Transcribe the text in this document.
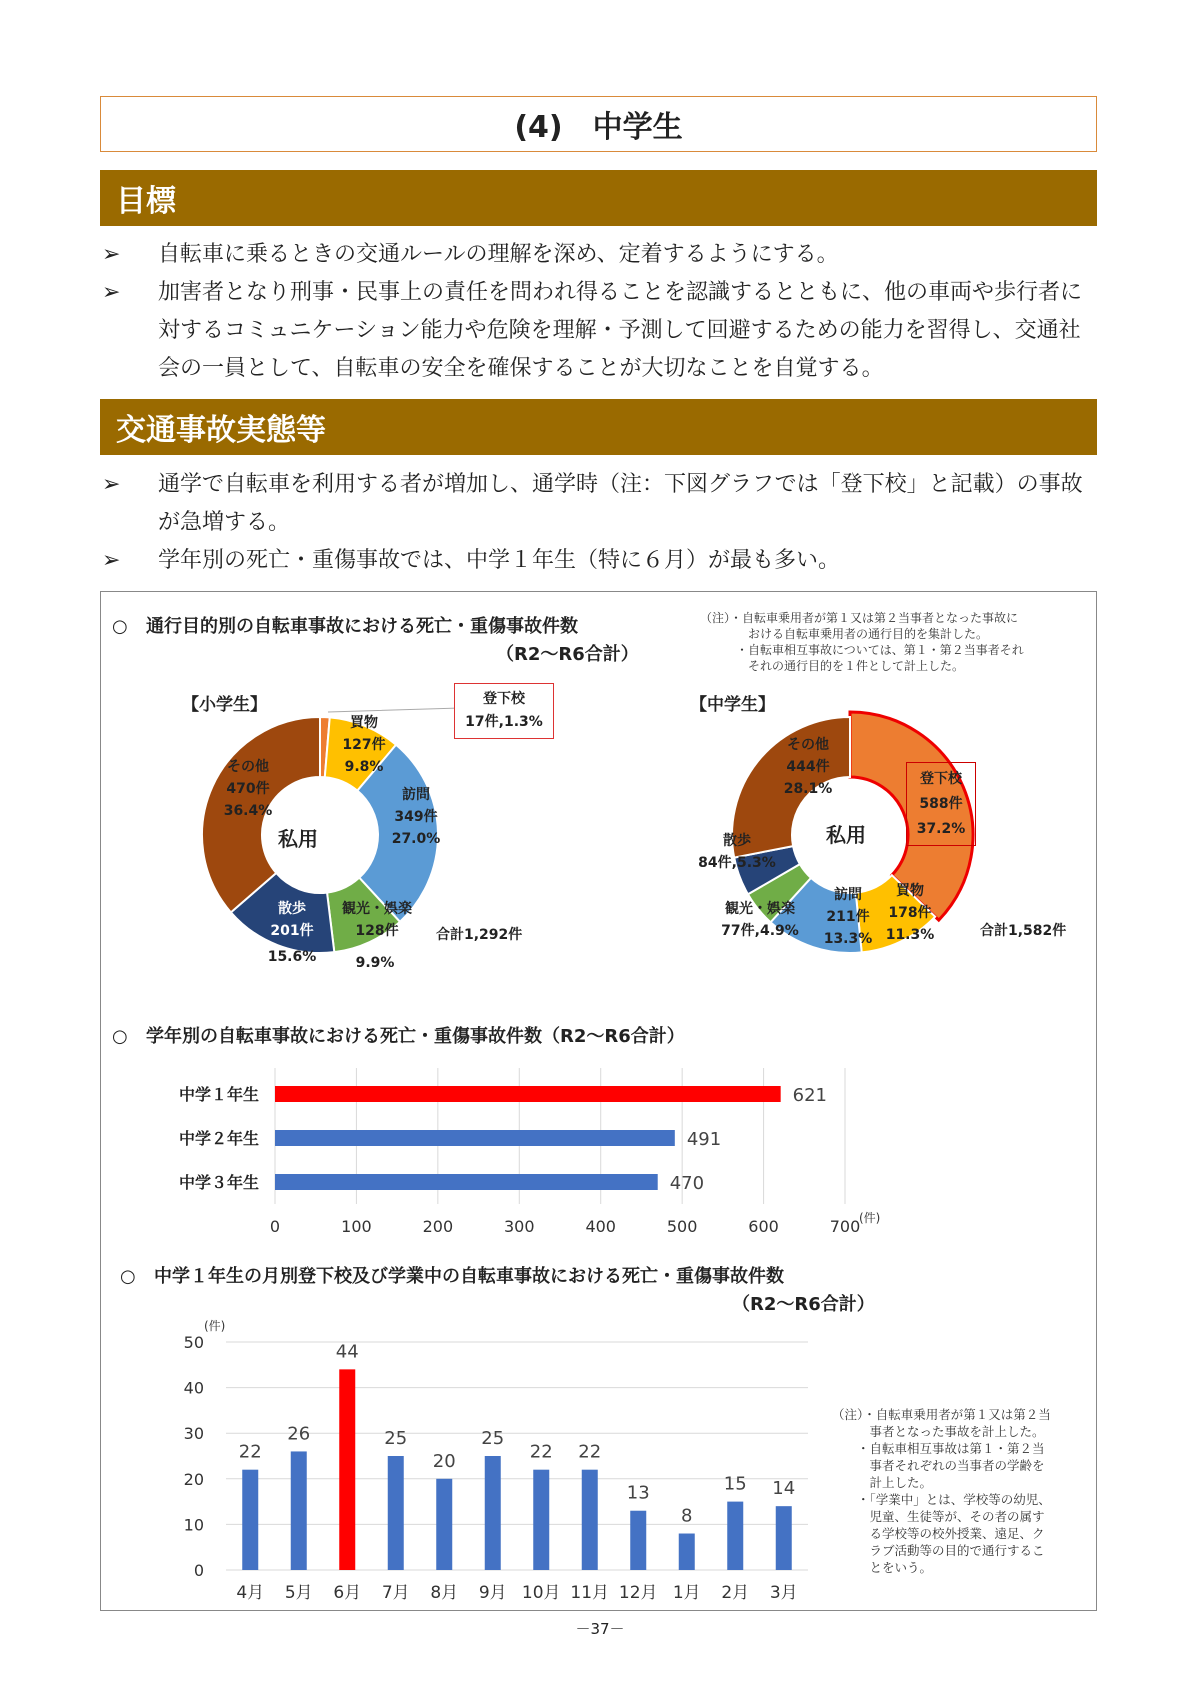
(4)　中学生
目標
➢	自転車に乗るときの交通ルールの理解を深め、定着するようにする。
➢	加害者となり刑事・民事上の責任を問われ得ることを認識するとともに、他の車両や歩行者に対するコミュニケーション能力や危険を理解・予測して回避するための能力を習得し、交通社会の一員として、自転車の安全を確保することが大切なことを自覚する。
交通事故実態等
➢	通学で自転車を利用する者が増加し、通学時（注：下図グラフでは「登下校」と記載）の事故が急増する。
➢	学年別の死亡・重傷事故では、中学１年生（特に６月）が最も多い。
○ 通行目的別の自転車事故における死亡・重傷事故件数
（R2～R6合計）
（注）・自転車乗用者が第１又は第２当事者となった事故に
　　　　おける自転車乗用者の通行目的を集計した。
　　　・自転車相互事故については、第１・第２当事者それ
　　　　それの通行目的を１件として計上した。
【小学生】	登下校
17件,1.3%
私用
買物
127件
9.8%
訪問
349件
27.0%
観光・娯楽
128件
9.9%
散歩
201件
15.6%
その他
470件
36.4%
合計1,292件
【中学生】
私用
登下校
588件
37.2%
買物
178件
11.3%
訪問
211件
13.3%
観光・娯楽
77件,4.9%
散歩
84件,5.3%
その他
444件
28.1%
合計1,582件
○ 学年別の自転車事故における死亡・重傷事故件数（R2～R6合計）
0	100	200	300	400	500	600	700
(件)
中学１年生	621
中学２年生	491
中学３年生	470
○ 中学１年生の月別登下校及び学業中の自転車事故における死亡・重傷事故件数
（R2～R6合計）
0
10
20
30
40
50
(件)
22
4月
26
5月
44
6月
25
7月
20
8月
25
9月
22
10月
22
11月
13
12月
8
1月
15
2月
14
3月
（注）・自転車乗用者が第１又は第２当
　　　事者となった事故を計上した。
　　・自転車相互事故は第１・第２当
　　　事者それぞれの当事者の学齢を
　　　計上した。
　　・「学業中」とは、学校等の幼児、
　　　児童、生徒等が、その者の属す
　　　る学校等の校外授業、遠足、ク
　　　ラブ活動等の目的で通行するこ
　　　とをいう。
－37－
